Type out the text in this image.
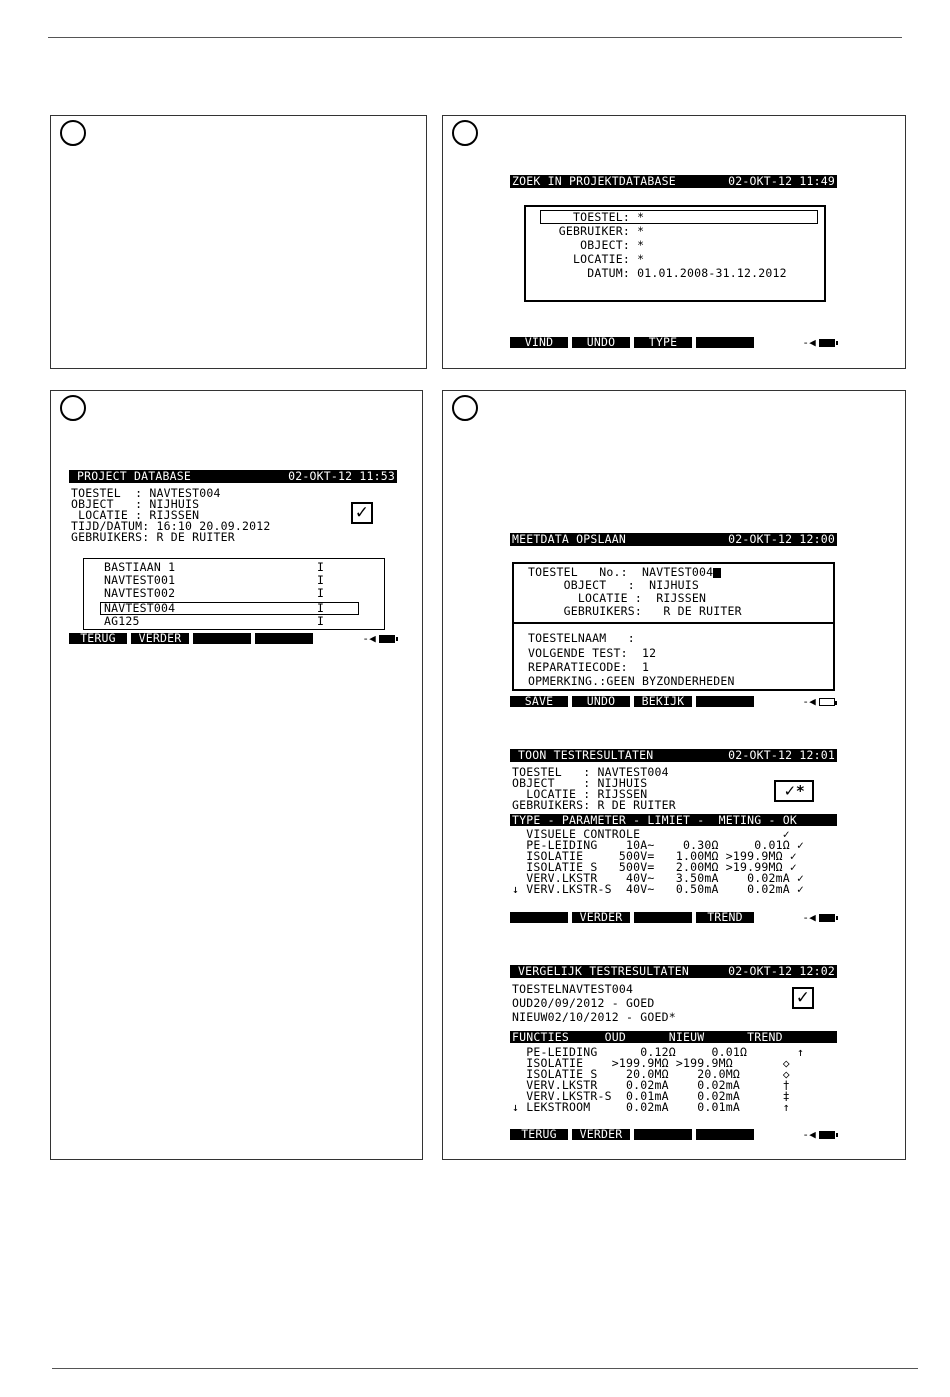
ZOEK IN PROJEKTDATABASE	02-OKT-12 11:49
TOESTEL: *
GEBRUIKER: *
OBJECT: *
LOCATIE: *
DATUM: 01.01.2008-31.12.2012
VIND	UNDO	TYPE	-◀
PROJECT DATABASE	02-OKT-12 11:53
TOESTEL  : NAVTEST004
OBJECT   : NIJHUIS
LOCATIE : RIJSSEN
TIJD/DATUM: 16:10 20.09.2012
GEBRUIKERS: R DE RUITER
✓
BASTIAAN 1	I
NAVTEST001	I
NAVTEST002	I
NAVTEST004	I
AG125	I
TERUG	VERDER	-◀
MEETDATA OPSLAAN	02-OKT-12 12:00
TOESTEL   No.:  NAVTEST004
OBJECT   :  NIJHUIS
LOCATIE :  RIJSSEN
GEBRUIKERS:   R DE RUITER
TOESTELNAAM   :
VOLGENDE TEST:  12
REPARATIECODE:  1
OPMERKING.:GEEN BYZONDERHEDEN
SAVE	UNDO	BEKIJK	-◀
TOON TESTRESULTATEN	02-OKT-12 12:01
TOESTEL   : NAVTEST004
OBJECT    : NIJHUIS
LOCATIE : RIJSSEN
GEBRUIKERS: R DE RUITER
✓*
TYPE - PARAMETER - LIMIET -  METING - OK
VISUELE CONTROLE                    ✓
PE-LEIDING    10A~    0.30Ω     0.01Ω ✓
ISOLATIE     500V=   1.00MΩ >199.9MΩ ✓
ISOLATIE S   500V=   2.00MΩ >19.99MΩ ✓
VERV.LKSTR    40V~   3.50mA    0.02mA ✓
↓ VERV.LKSTR-S  40V~   0.50mA    0.02mA ✓
VERDER	TREND	-◀
VERGELIJK TESTRESULTATEN	02-OKT-12 12:02
TOESTELNAVTEST004
OUD20/09/2012 - GOED
NIEUW02/10/2012 - GOED*
✓
FUNCTIES     OUD      NIEUW      TREND
PE-LEIDING      0.12Ω     0.01Ω       ↑
ISOLATIE    >199.9MΩ >199.9MΩ       ◇
ISOLATIE S    20.0MΩ    20.0MΩ      ◇
VERV.LKSTR    0.02mA    0.02mA      †
VERV.LKSTR-S  0.01mA    0.02mA      ‡
↓ LEKSTROOM     0.02mA    0.01mA      ↑
TERUG	VERDER	-◀
